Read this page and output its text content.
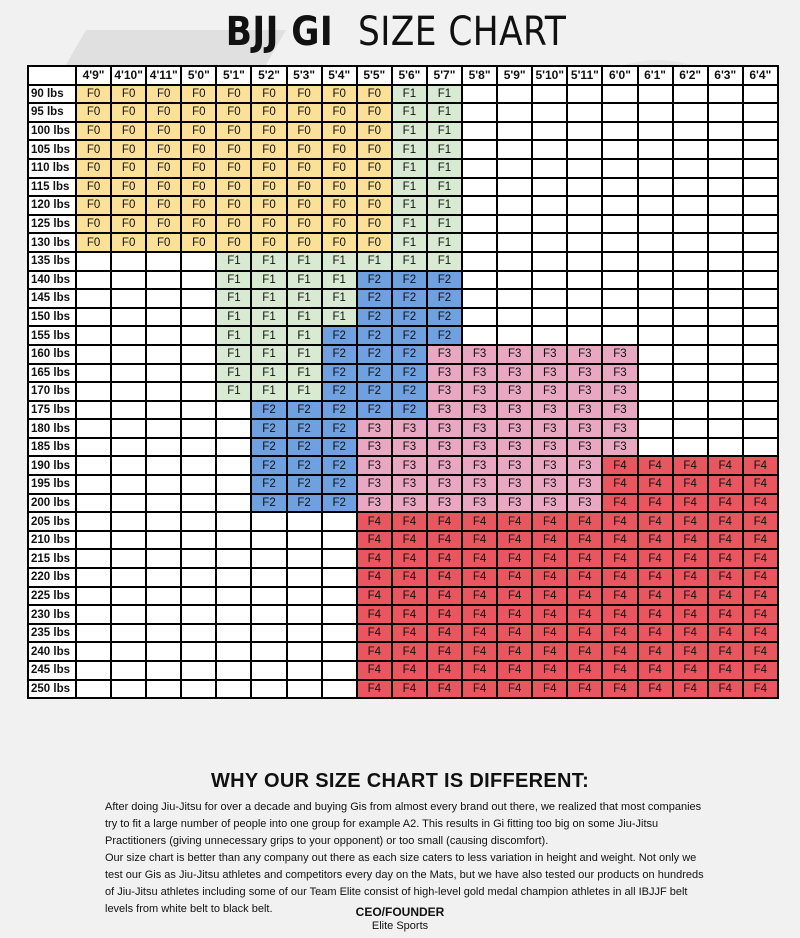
BJJ GI SIZE CHART
	4'9"	4'10"	4'11"	5'0"	5'1"	5'2"	5'3"	5'4"	5'5"	5'6"	5'7"	5'8"	5'9"	5'10"	5'11"	6'0"	6'1"	6'2"	6'3"	6'4"
90 lbs	F0	F0	F0	F0	F0	F0	F0	F0	F0	F1	F1									
95 lbs	F0	F0	F0	F0	F0	F0	F0	F0	F0	F1	F1									
100 lbs	F0	F0	F0	F0	F0	F0	F0	F0	F0	F1	F1									
105 lbs	F0	F0	F0	F0	F0	F0	F0	F0	F0	F1	F1									
110 lbs	F0	F0	F0	F0	F0	F0	F0	F0	F0	F1	F1									
115 lbs	F0	F0	F0	F0	F0	F0	F0	F0	F0	F1	F1									
120 lbs	F0	F0	F0	F0	F0	F0	F0	F0	F0	F1	F1									
125 lbs	F0	F0	F0	F0	F0	F0	F0	F0	F0	F1	F1									
130 lbs	F0	F0	F0	F0	F0	F0	F0	F0	F0	F1	F1									
135 lbs					F1	F1	F1	F1	F1	F1	F1									
140 lbs					F1	F1	F1	F1	F2	F2	F2									
145 lbs					F1	F1	F1	F1	F2	F2	F2									
150 lbs					F1	F1	F1	F1	F2	F2	F2									
155 lbs					F1	F1	F1	F2	F2	F2	F2									
160 lbs					F1	F1	F1	F2	F2	F2	F3	F3	F3	F3	F3	F3				
165 lbs					F1	F1	F1	F2	F2	F2	F3	F3	F3	F3	F3	F3				
170 lbs					F1	F1	F1	F2	F2	F2	F3	F3	F3	F3	F3	F3				
175 lbs						F2	F2	F2	F2	F2	F3	F3	F3	F3	F3	F3				
180 lbs						F2	F2	F2	F3	F3	F3	F3	F3	F3	F3	F3				
185 lbs						F2	F2	F2	F3	F3	F3	F3	F3	F3	F3	F3				
190 lbs						F2	F2	F2	F3	F3	F3	F3	F3	F3	F3	F4	F4	F4	F4	F4
195 lbs						F2	F2	F2	F3	F3	F3	F3	F3	F3	F3	F4	F4	F4	F4	F4
200 lbs						F2	F2	F2	F3	F3	F3	F3	F3	F3	F3	F4	F4	F4	F4	F4
205 lbs									F4	F4	F4	F4	F4	F4	F4	F4	F4	F4	F4	F4
210 lbs									F4	F4	F4	F4	F4	F4	F4	F4	F4	F4	F4	F4
215 lbs									F4	F4	F4	F4	F4	F4	F4	F4	F4	F4	F4	F4
220 lbs									F4	F4	F4	F4	F4	F4	F4	F4	F4	F4	F4	F4
225 lbs									F4	F4	F4	F4	F4	F4	F4	F4	F4	F4	F4	F4
230 lbs									F4	F4	F4	F4	F4	F4	F4	F4	F4	F4	F4	F4
235 lbs									F4	F4	F4	F4	F4	F4	F4	F4	F4	F4	F4	F4
240 lbs									F4	F4	F4	F4	F4	F4	F4	F4	F4	F4	F4	F4
245 lbs									F4	F4	F4	F4	F4	F4	F4	F4	F4	F4	F4	F4
250 lbs									F4	F4	F4	F4	F4	F4	F4	F4	F4	F4	F4	F4
WHY OUR SIZE CHART IS DIFFERENT:

After doing Jiu-Jitsu for over a decade and buying Gis from almost every brand out there, we realized that most companies try to fit a large number of people into one group for example A2. This results in Gi fitting too big on some Jiu-Jitsu Practitioners (giving unnecessary grips to your opponent) or too small (causing discomfort).

Our size chart is better than any company out there as each size caters to less variation in height and weight. Not only we test our Gis as Jiu-Jitsu athletes and competitors every day on the Mats, but we have also tested our products on hundreds of Jiu-Jitsu athletes including some of our Team Elite consist of high-level gold medal champion athletes in all IBJJF belt levels from white belt to black belt.	CEO/FOUNDER
Elite Sports
